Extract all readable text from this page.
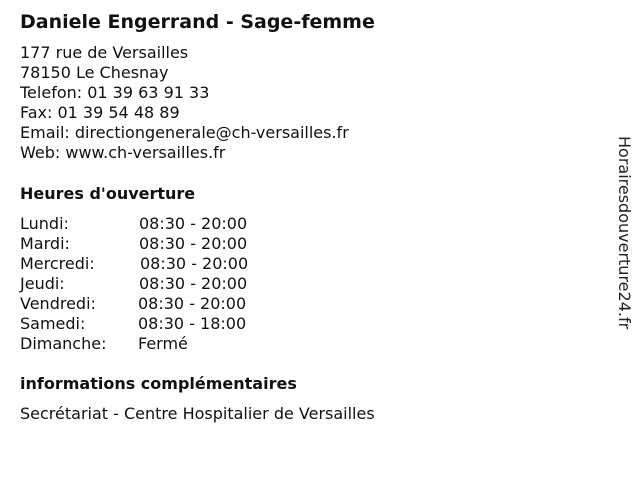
Daniele Engerrand - Sage-femme
177 rue de Versailles
78150 Le Chesnay
Telefon: 01 39 63 91 33
Fax: 01 39 54 48 89
Email: directiongenerale@ch-versailles.fr
Web: www.ch-versailles.fr
Heures d'ouverture
Lundi:	08:30 - 20:00
Mardi:	08:30 - 20:00
Mercredi:	08:30 - 20:00
Jeudi:	08:30 - 20:00
Vendredi:	08:30 - 20:00
Samedi:	08:30 - 18:00
Dimanche: Fermé
informations complémentaires
Secrétariat - Centre Hospitalier de Versailles
Horairesdouverture24.fr
